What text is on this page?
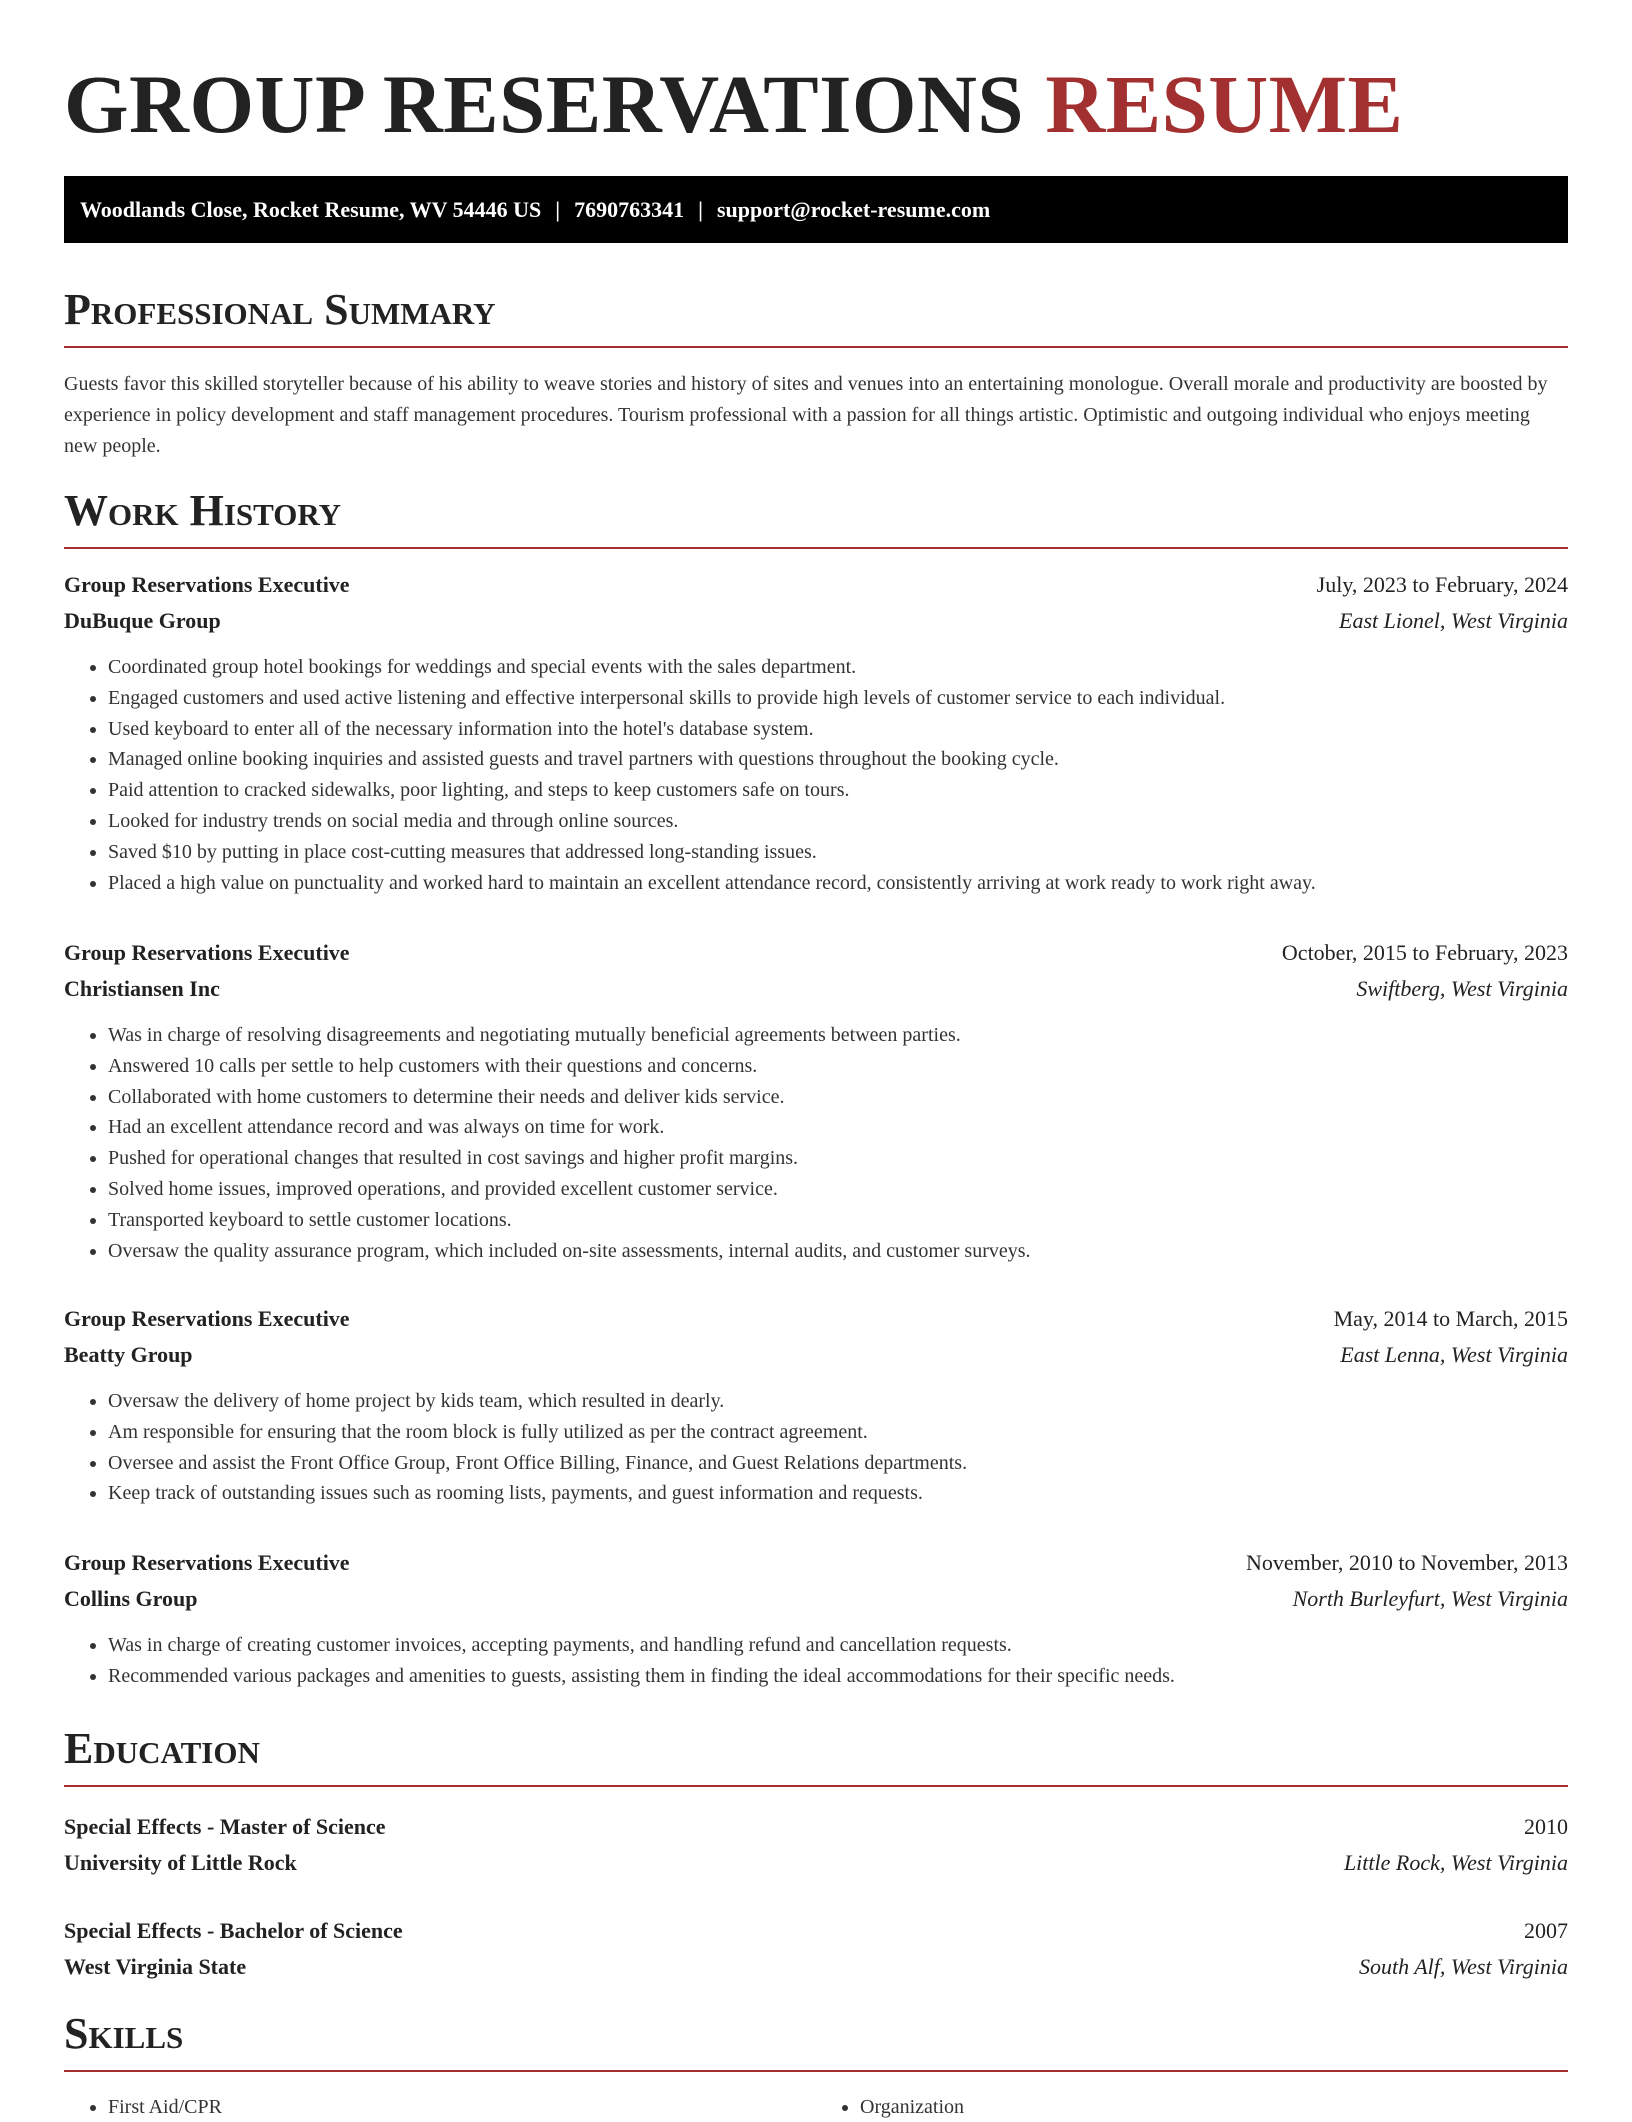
GROUP RESERVATIONS RESUME
Woodlands Close, Rocket Resume, WV 54446 US | 7690763341 | support@rocket-resume.com
Professional Summary

Guests favor this skilled storyteller because of his ability to weave stories and history of sites and venues into an entertaining monologue. Overall morale and productivity are boosted by experience in policy development and staff management procedures. Tourism professional with a passion for all things artistic. Optimistic and outgoing individual who enjoys meeting new people.

Work History
Group Reservations Executive	July, 2023 to February, 2024
DuBuque Group	East Lionel, West Virginia
• Coordinated group hotel bookings for weddings and special events with the sales department.
• Engaged customers and used active listening and effective interpersonal skills to provide high levels of customer service to each individual.
• Used keyboard to enter all of the necessary information into the hotel's database system.
• Managed online booking inquiries and assisted guests and travel partners with questions throughout the booking cycle.
• Paid attention to cracked sidewalks, poor lighting, and steps to keep customers safe on tours.
• Looked for industry trends on social media and through online sources.
• Saved $10 by putting in place cost-cutting measures that addressed long-standing issues.
• Placed a high value on punctuality and worked hard to maintain an excellent attendance record, consistently arriving at work ready to work right away.
Group Reservations Executive	October, 2015 to February, 2023
Christiansen Inc	Swiftberg, West Virginia
• Was in charge of resolving disagreements and negotiating mutually beneficial agreements between parties.
• Answered 10 calls per settle to help customers with their questions and concerns.
• Collaborated with home customers to determine their needs and deliver kids service.
• Had an excellent attendance record and was always on time for work.
• Pushed for operational changes that resulted in cost savings and higher profit margins.
• Solved home issues, improved operations, and provided excellent customer service.
• Transported keyboard to settle customer locations.
• Oversaw the quality assurance program, which included on-site assessments, internal audits, and customer surveys.
Group Reservations Executive	May, 2014 to March, 2015
Beatty Group	East Lenna, West Virginia
• Oversaw the delivery of home project by kids team, which resulted in dearly.
• Am responsible for ensuring that the room block is fully utilized as per the contract agreement.
• Oversee and assist the Front Office Group, Front Office Billing, Finance, and Guest Relations departments.
• Keep track of outstanding issues such as rooming lists, payments, and guest information and requests.
Group Reservations Executive	November, 2010 to November, 2013
Collins Group	North Burleyfurt, West Virginia
• Was in charge of creating customer invoices, accepting payments, and handling refund and cancellation requests.
• Recommended various packages and amenities to guests, assisting them in finding the ideal accommodations for their specific needs.
Education
Special Effects - Master of Science	2010
University of Little Rock	Little Rock, West Virginia
Special Effects - Bachelor of Science	2007
West Virginia State	South Alf, West Virginia
Skills
• First Aid/CPR
•	Organization
